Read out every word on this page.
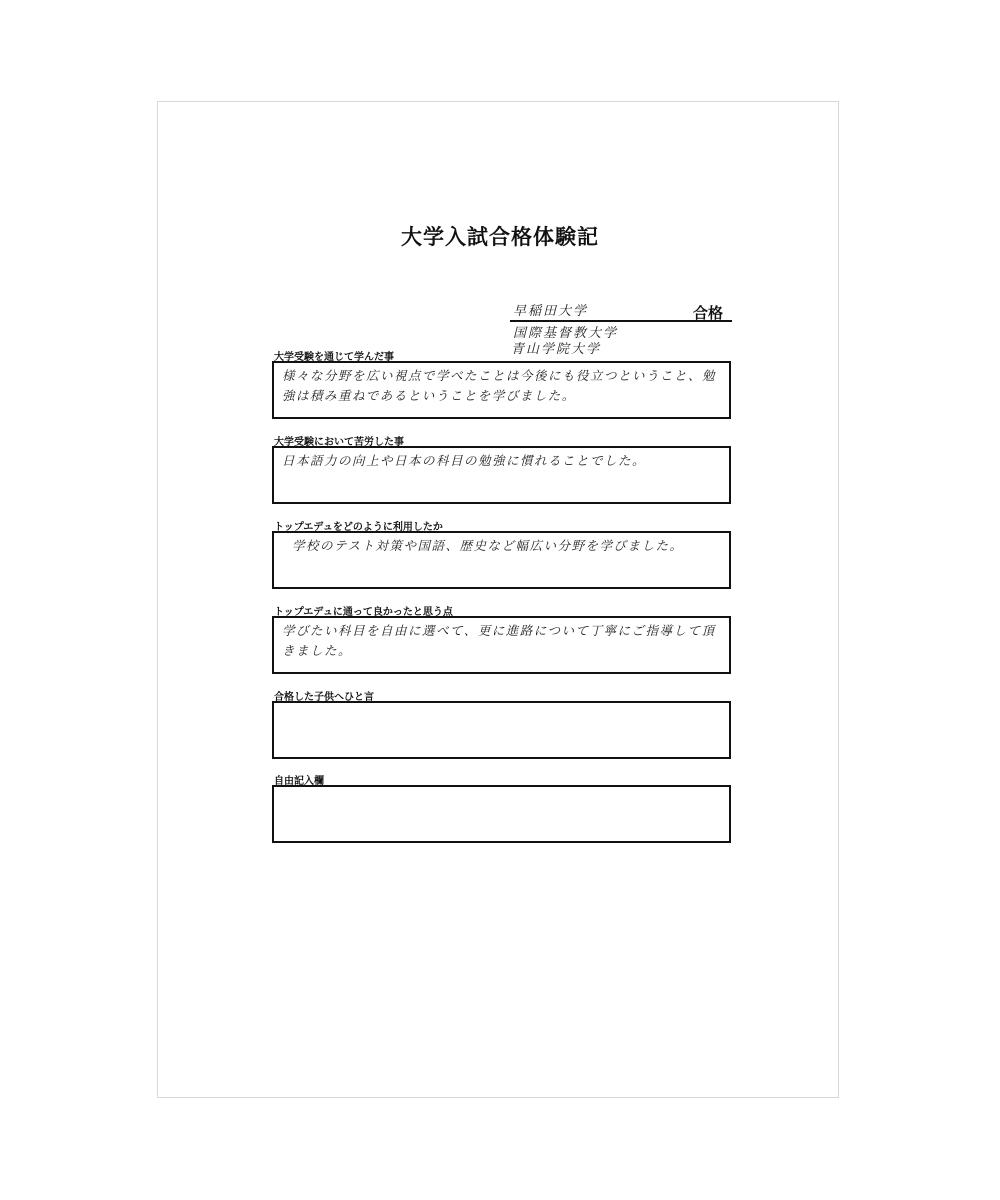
大学入試合格体験記
早稲田大学	合格
国際基督教大学
青山学院大学
大学受験を通じて学んだ事
様々な分野を広い視点で学べたことは今後にも役立つということ、勉強は積み重ねであるということを学びました。
大学受験において苦労した事
日本語力の向上や日本の科目の勉強に慣れることでした。
トップエデュをどのように利用したか
学校のテスト対策や国語、歴史など幅広い分野を学びました。
トップエデュに通って良かったと思う点
学びたい科目を自由に選べて、更に進路について丁寧にご指導して頂きました。
合格した子供へひと言
自由記入欄
